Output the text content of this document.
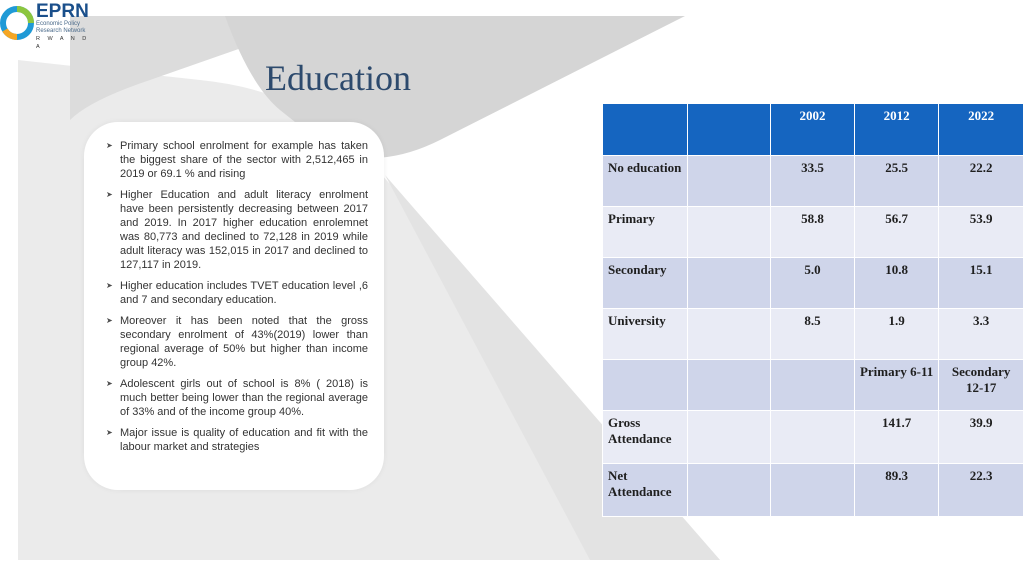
EPRN
Economic Policy
Research Network
R W A N D A
Education
➤ Primary school enrolment for example has taken the biggest share of the sector with 2,512,465 in 2019 or 69.1 % and rising
➤ Higher Education and adult literacy enrolment have been persistently decreasing between 2017 and 2019. In 2017 higher education enrolemnet was 80,773 and declined to 72,128 in 2019 while adult literacy was 152,015 in 2017 and declined to 127,117 in 2019.
➤ Higher education includes TVET education level ,6 and 7 and secondary education.
➤ Moreover it has been noted that the gross secondary enrolment of 43%(2019) lower than regional average of 50% but higher than income group 42%.
➤ Adolescent girls out of school is 8% ( 2018) is much better being lower than the regional average of 33% and of the income group 40%.
➤ Major issue is quality of education and fit with the labour market and strategies
		2002	2012	2022
No education		33.5	25.5	22.2
Primary		58.8	56.7	53.9
Secondary		5.0	10.8	15.1
University		8.5	1.9	3.3
			Primary 6-11	Secondary 12-17
Gross Attendance			141.7	39.9
Net Attendance			89.3	22.3
